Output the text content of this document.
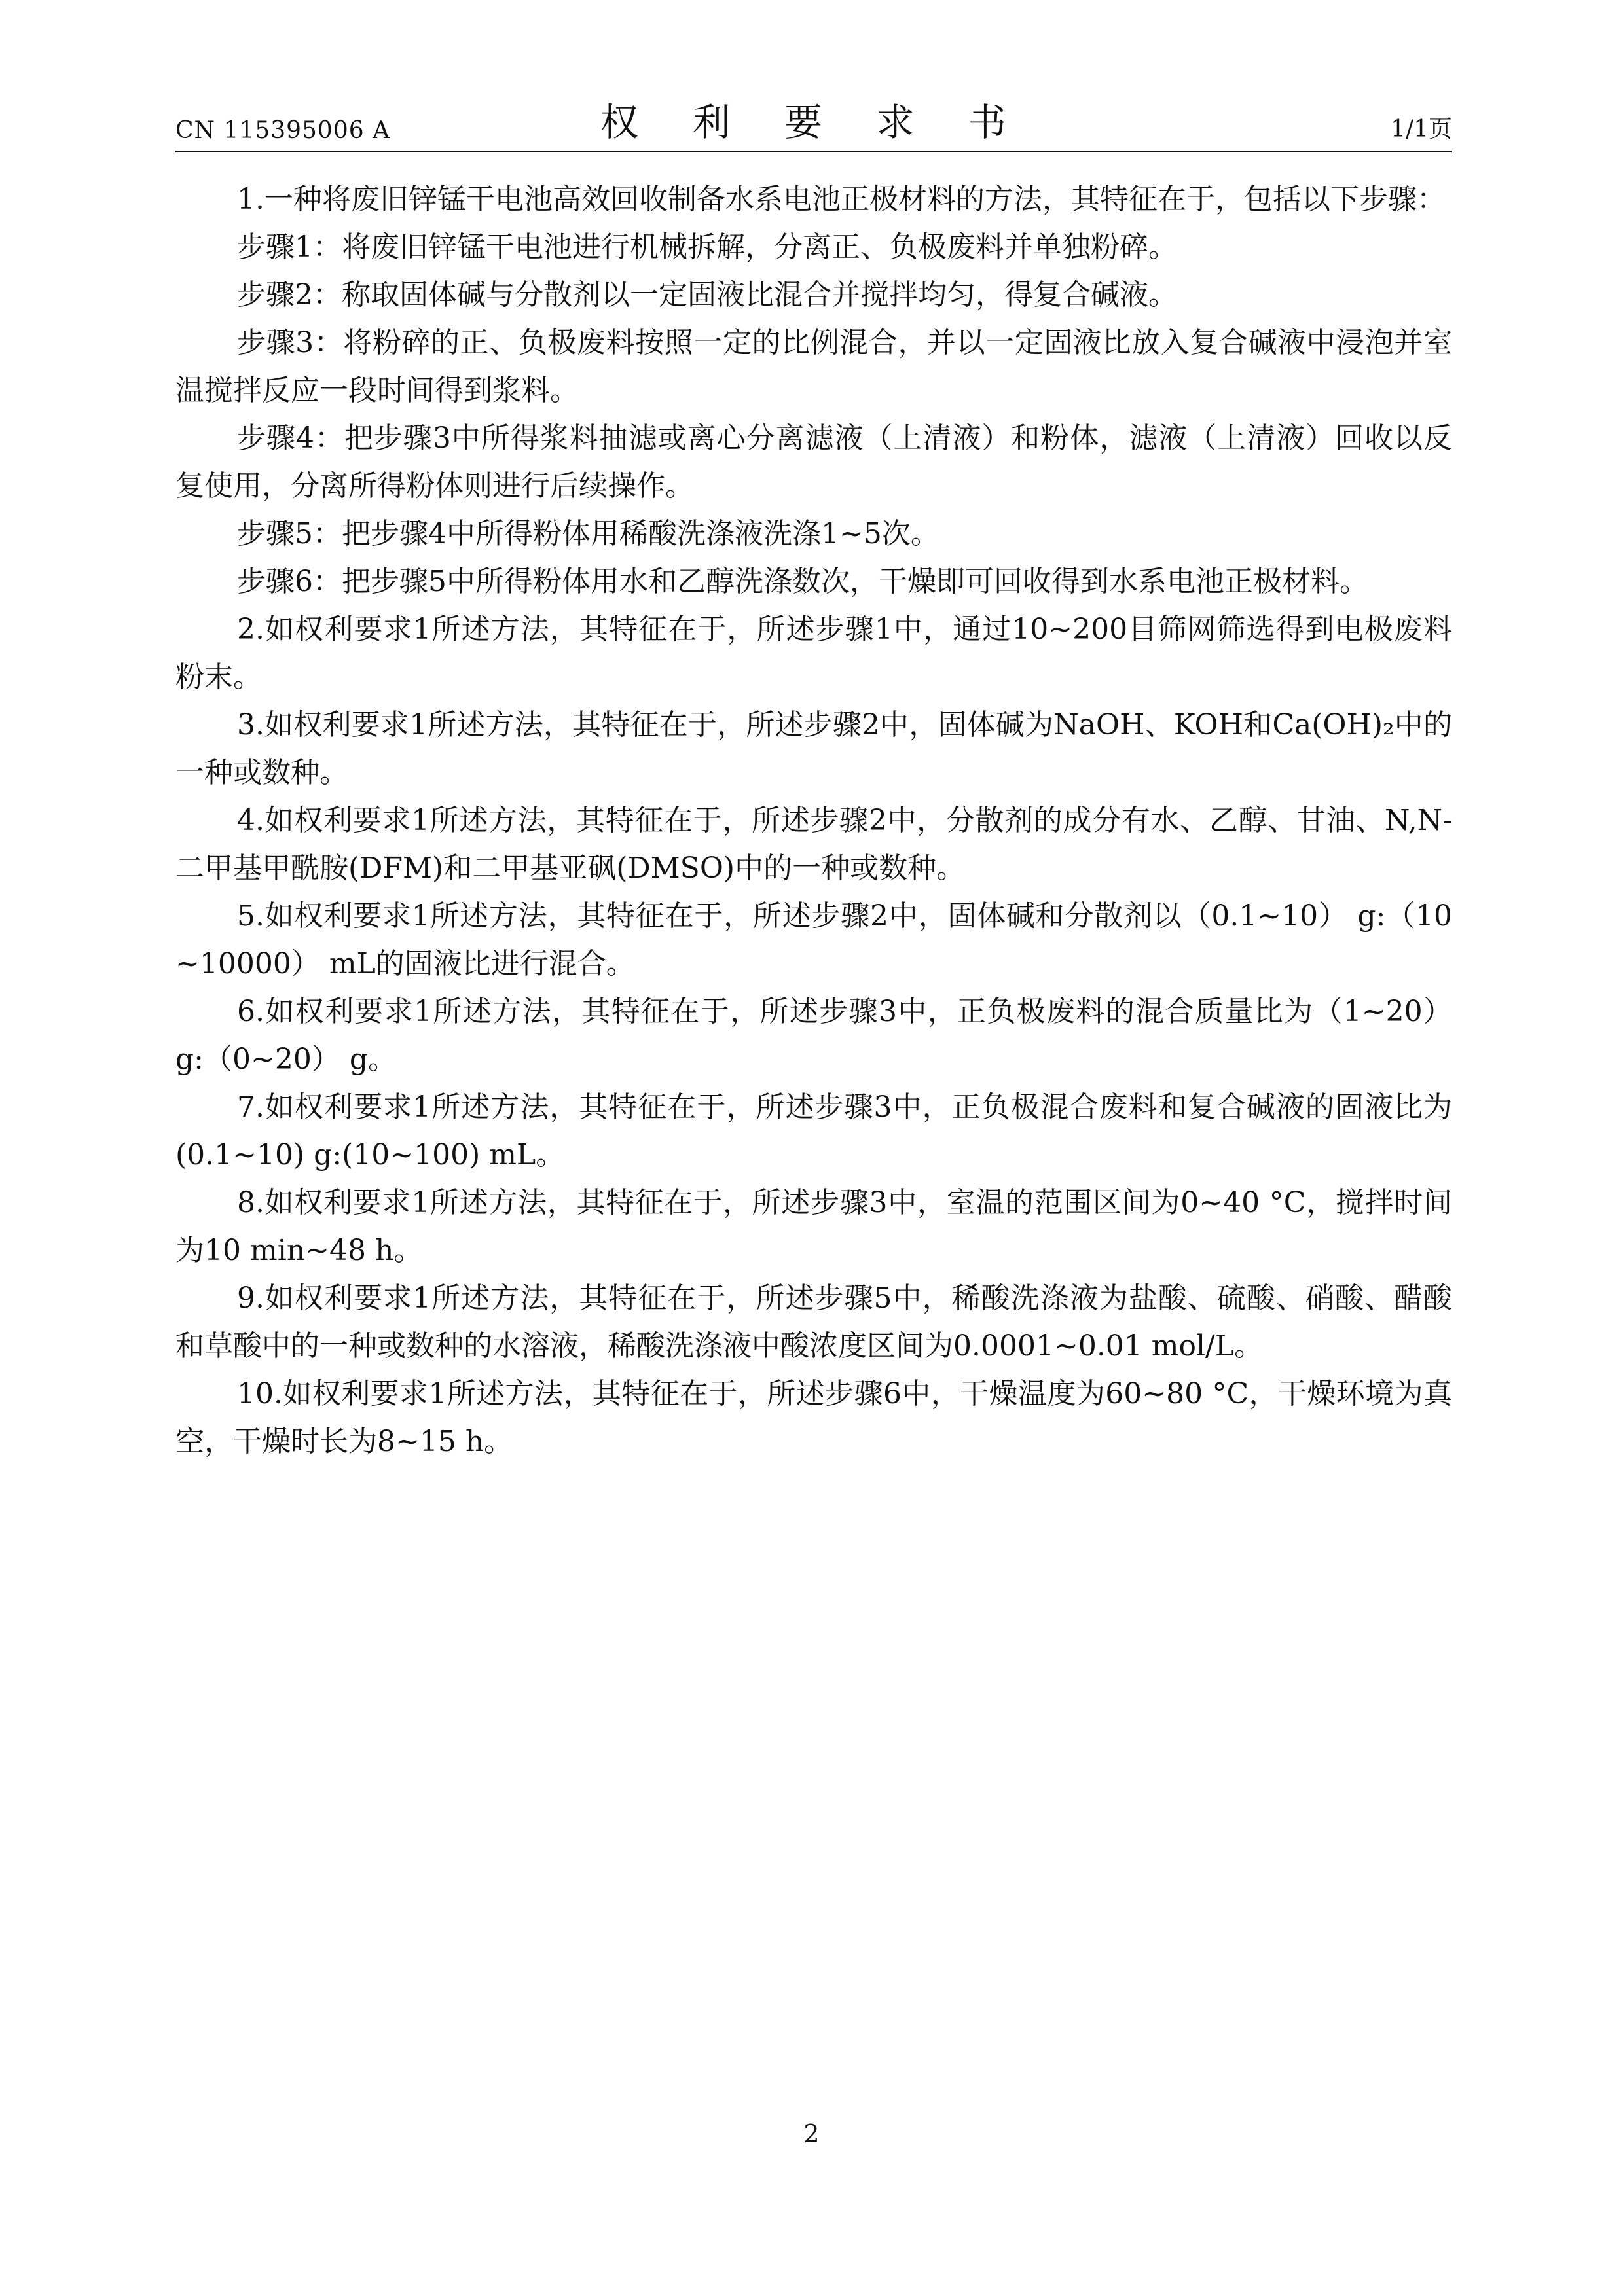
CN 115395006 A	权 利 要 求 书	1/1页

1.一种将废旧锌锰干电池高效回收制备水系电池正极材料的方法，其特征在于，包括以下步骤：

步骤1：将废旧锌锰干电池进行机械拆解，分离正、负极废料并单独粉碎。

步骤2：称取固体碱与分散剂以一定固液比混合并搅拌均匀，得复合碱液。

步骤3：将粉碎的正、负极废料按照一定的比例混合，并以一定固液比放入复合碱液中浸泡并室温搅拌反应一段时间得到浆料。

步骤4：把步骤3中所得浆料抽滤或离心分离滤液（上清液）和粉体，滤液（上清液）回收以反复使用，分离所得粉体则进行后续操作。

步骤5：把步骤4中所得粉体用稀酸洗涤液洗涤1~5次。

步骤6：把步骤5中所得粉体用水和乙醇洗涤数次，干燥即可回收得到水系电池正极材料。

2.如权利要求1所述方法，其特征在于，所述步骤1中，通过10~200目筛网筛选得到电极废料粉末。

3.如权利要求1所述方法，其特征在于，所述步骤2中，固体碱为NaOH、KOH和Ca(OH)₂中的一种或数种。

4.如权利要求1所述方法，其特征在于，所述步骤2中，分散剂的成分有水、乙醇、甘油、N,N-二甲基甲酰胺(DFM)和二甲基亚砜(DMSO)中的一种或数种。

5.如权利要求1所述方法，其特征在于，所述步骤2中，固体碱和分散剂以（0.1~10） g:（10~10000） mL的固液比进行混合。

6.如权利要求1所述方法，其特征在于，所述步骤3中，正负极废料的混合质量比为（1~20） g:（0~20） g。

7.如权利要求1所述方法，其特征在于，所述步骤3中，正负极混合废料和复合碱液的固液比为(0.1~10) g:(10~100) mL。

8.如权利要求1所述方法，其特征在于，所述步骤3中，室温的范围区间为0~40 °C，搅拌时间为10 min~48 h。

9.如权利要求1所述方法，其特征在于，所述步骤5中，稀酸洗涤液为盐酸、硫酸、硝酸、醋酸和草酸中的一种或数种的水溶液，稀酸洗涤液中酸浓度区间为0.0001~0.01 mol/L。

10.如权利要求1所述方法，其特征在于，所述步骤6中，干燥温度为60~80 °C，干燥环境为真空，干燥时长为8~15 h。

2
